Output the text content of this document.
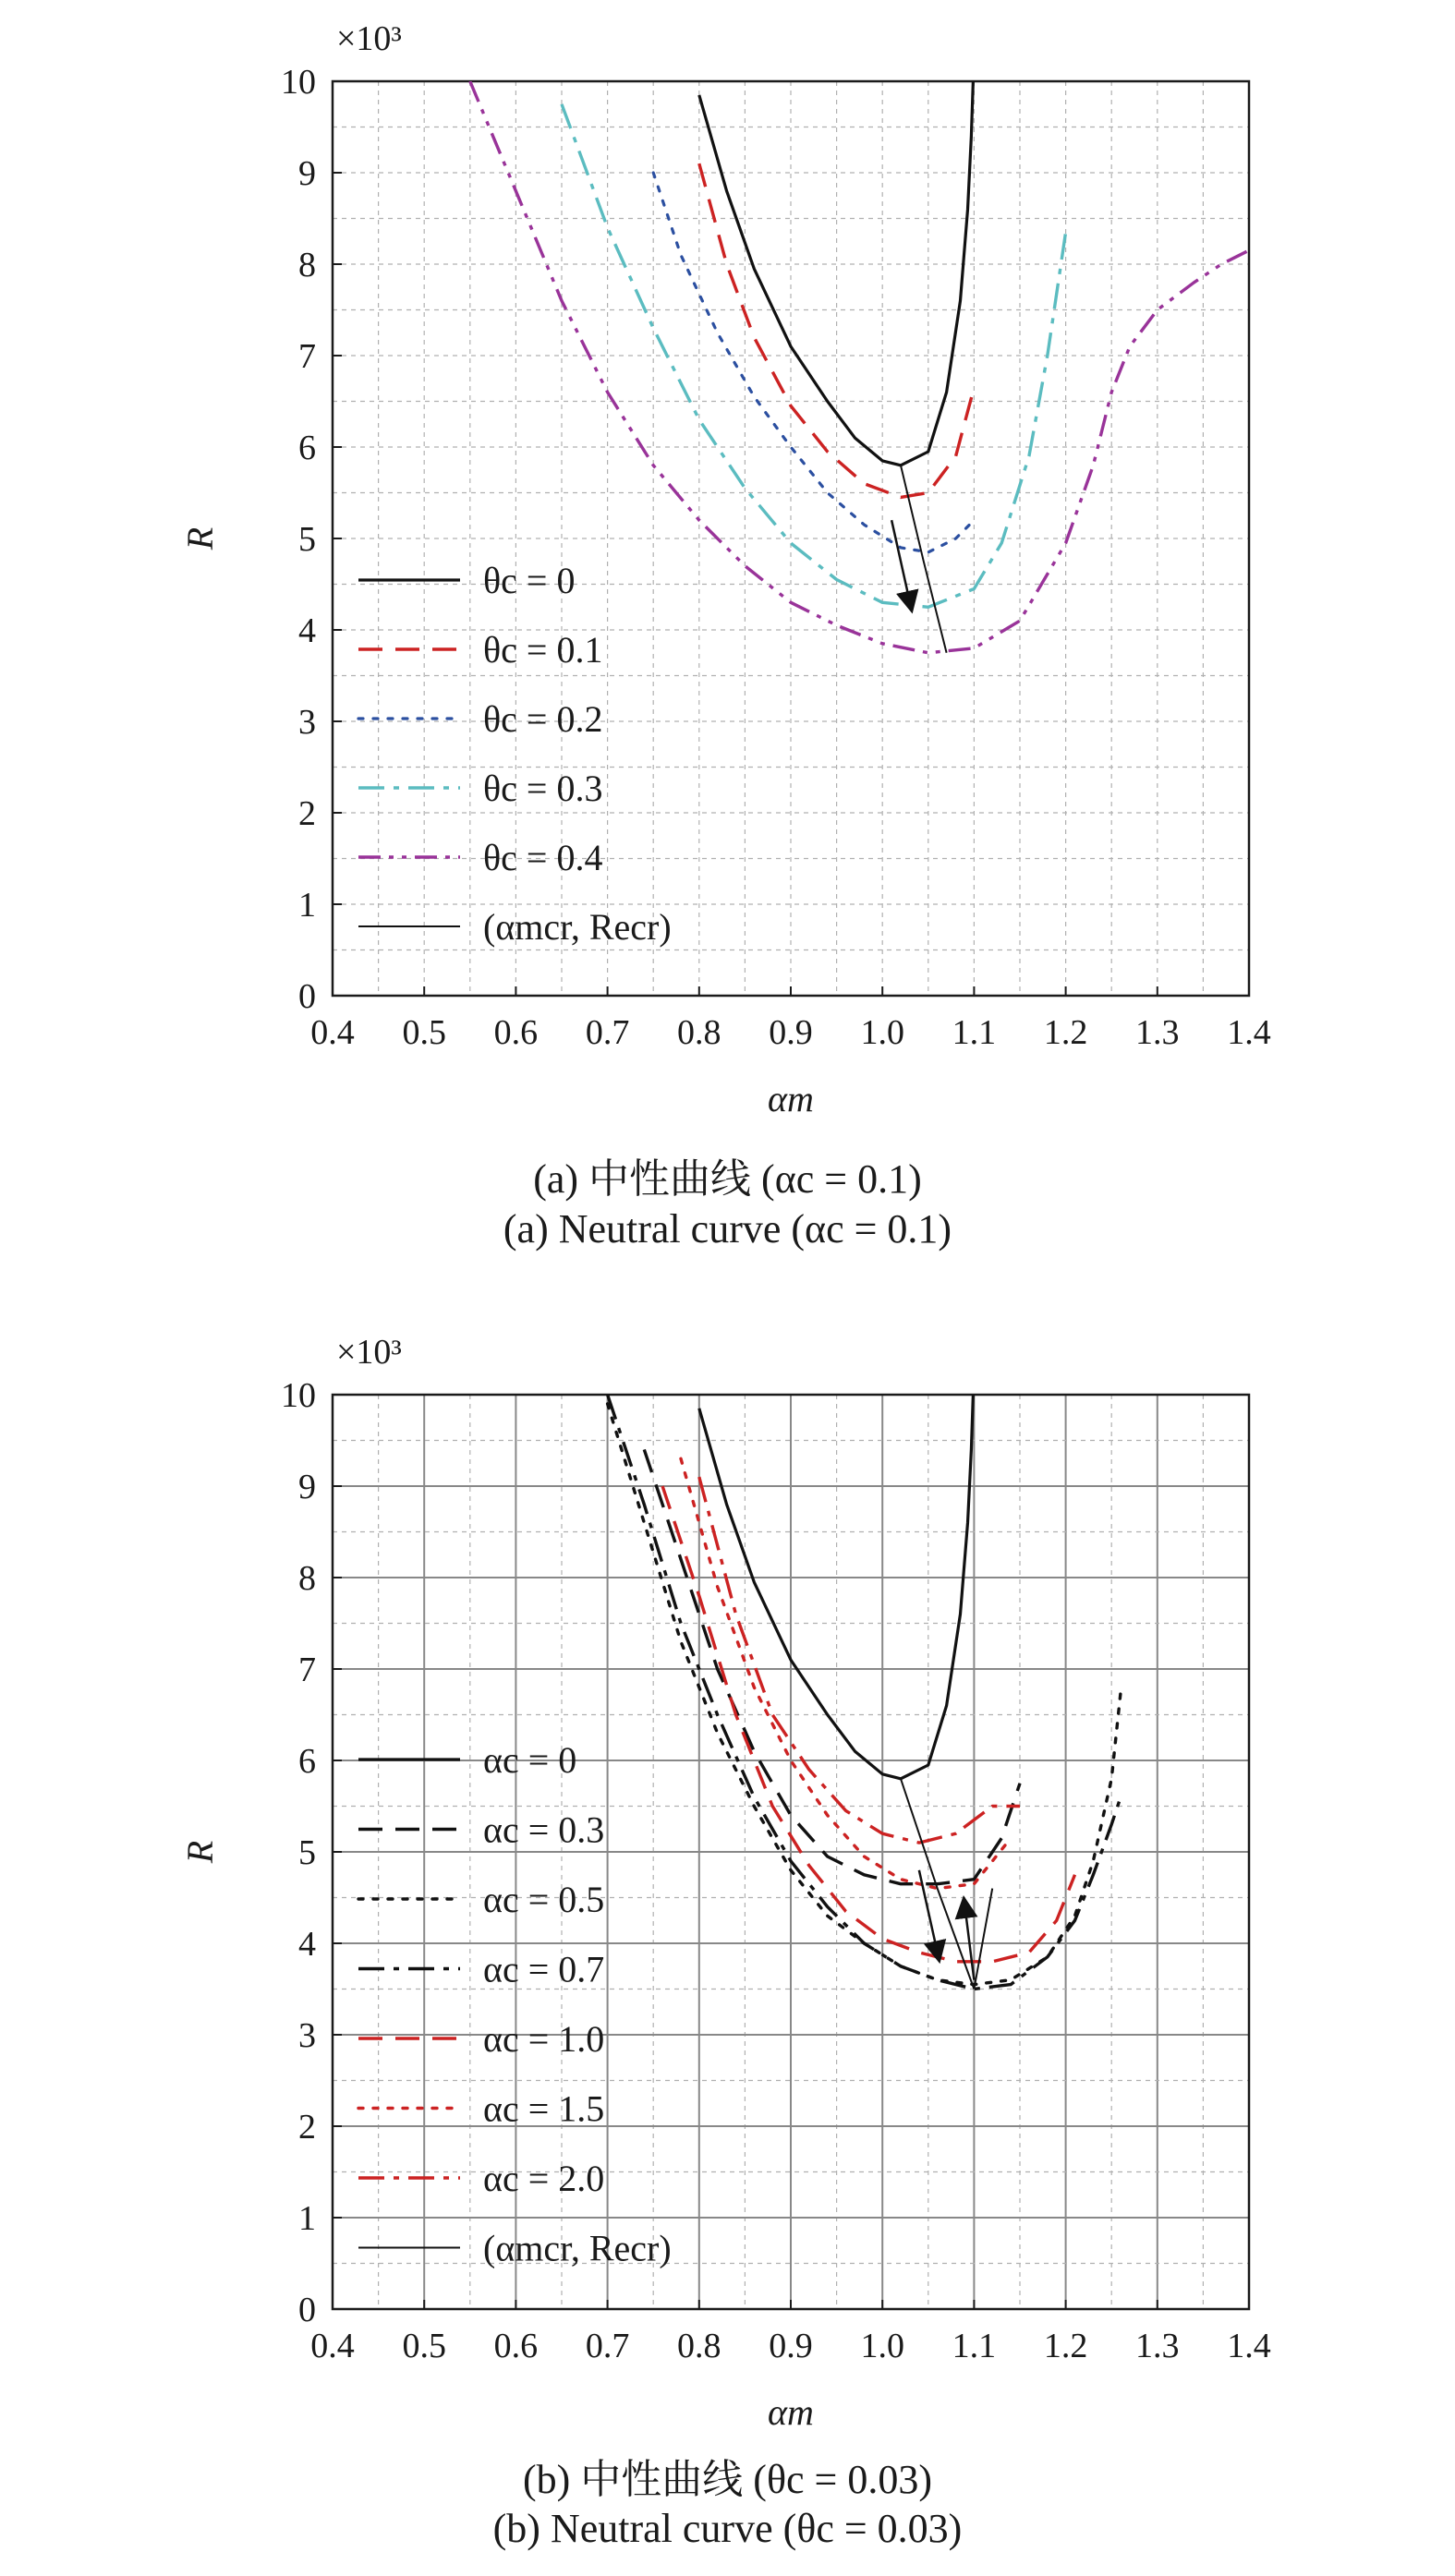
0.4 0.5 0.6 0.7 0.8 0.9 1.0 1.1 1.2 1.3 1.4
0
1
2
3
4
5
6
7
8
9
10
×10³
αm
R
θc = 0
θc = 0.1
θc = 0.2
θc = 0.3
θc = 0.4
(αmcr, Recr)
0.4 0.5 0.6 0.7 0.8 0.9 1.0 1.1 1.2 1.3 1.4
0
1
2
3
4
5
6
7
8
9
10
×10³
αm
R
αc = 0
αc = 0.3
αc = 0.5
αc = 0.7
αc = 1.0
αc = 1.5
αc = 2.0
(αmcr, Recr)
(a) 中性曲线 (αc = 0.1)
(a) Neutral curve (αc = 0.1)
(b) 中性曲线 (θc = 0.03)
(b) Neutral curve (θc = 0.03)
